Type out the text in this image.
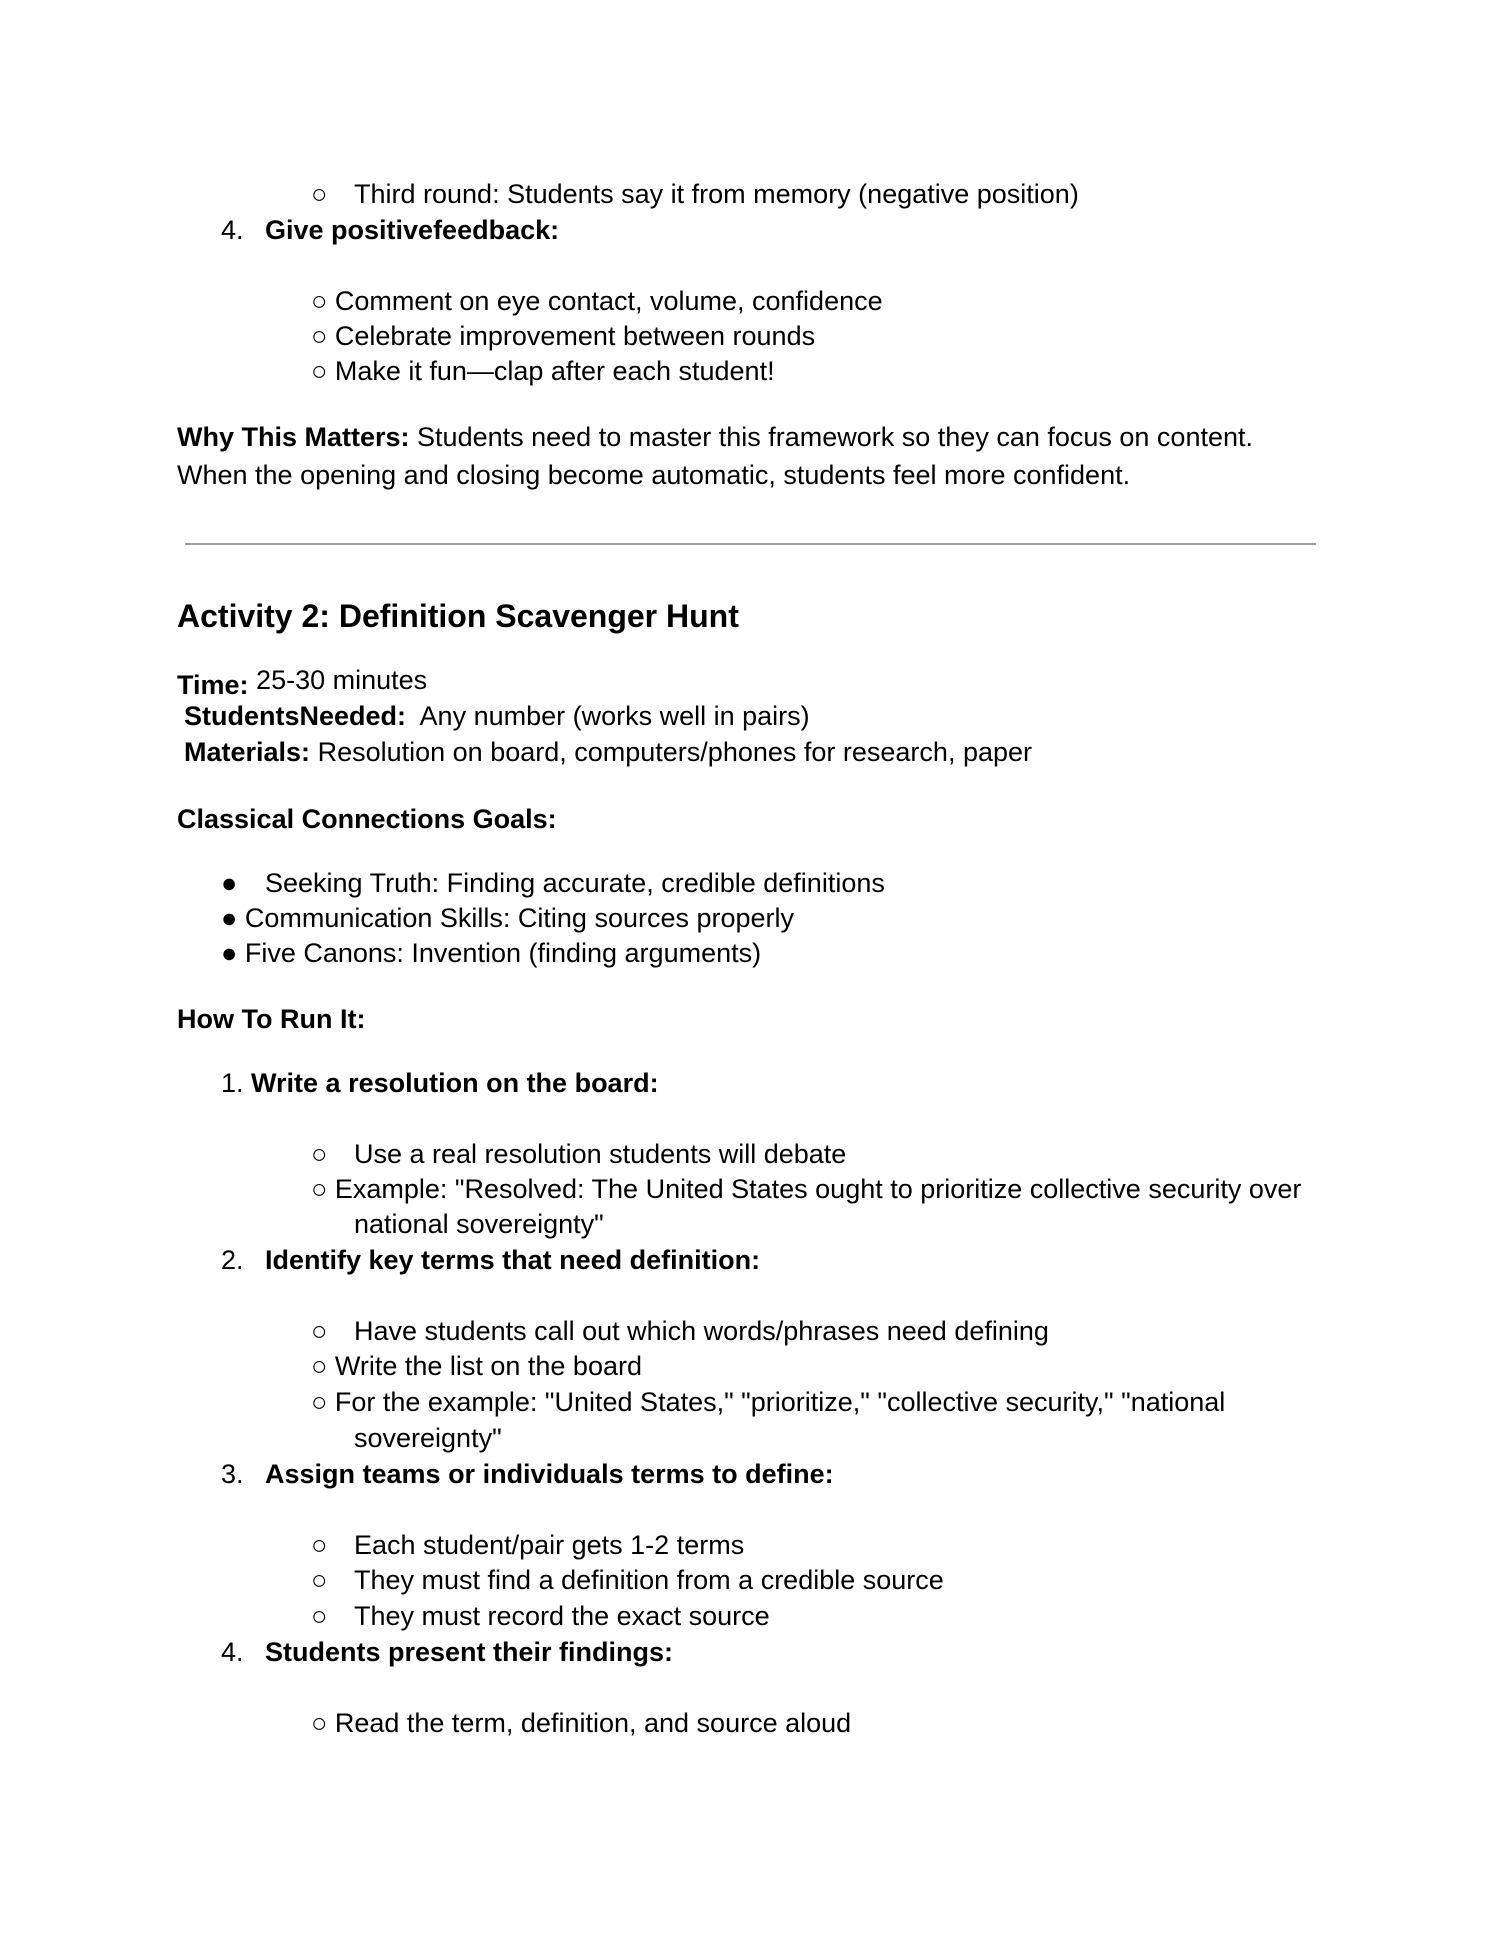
○ Third round: Students say it from memory (negative position)
4. Give positivefeedback:
○ Comment on eye contact, volume, confidence
○ Celebrate improvement between rounds
○ Make it fun—clap after each student!
Why This Matters: Students need to master this framework so they can focus on content.
When the opening and closing become automatic, students feel more confident.
Activity 2: Definition Scavenger Hunt
Time: 25-30 minutes
StudentsNeeded: Any number (works well in pairs)
Materials: Resolution on board, computers/phones for research, paper
Classical Connections Goals:
● Seeking Truth: Finding accurate, credible definitions
● Communication Skills: Citing sources properly
● Five Canons: Invention (finding arguments)
How To Run It:
1. Write a resolution on the board:
○ Use a real resolution students will debate
○ Example: "Resolved: The United States ought to prioritize collective security over
national sovereignty"
2. Identify key terms that need definition:
○ Have students call out which words/phrases need defining
○ Write the list on the board
○ For the example: "United States," "prioritize," "collective security," "national
sovereignty"
3. Assign teams or individuals terms to define:
○ Each student/pair gets 1-2 terms
○ They must find a definition from a credible source
○ They must record the exact source
4. Students present their findings:
○ Read the term, definition, and source aloud
